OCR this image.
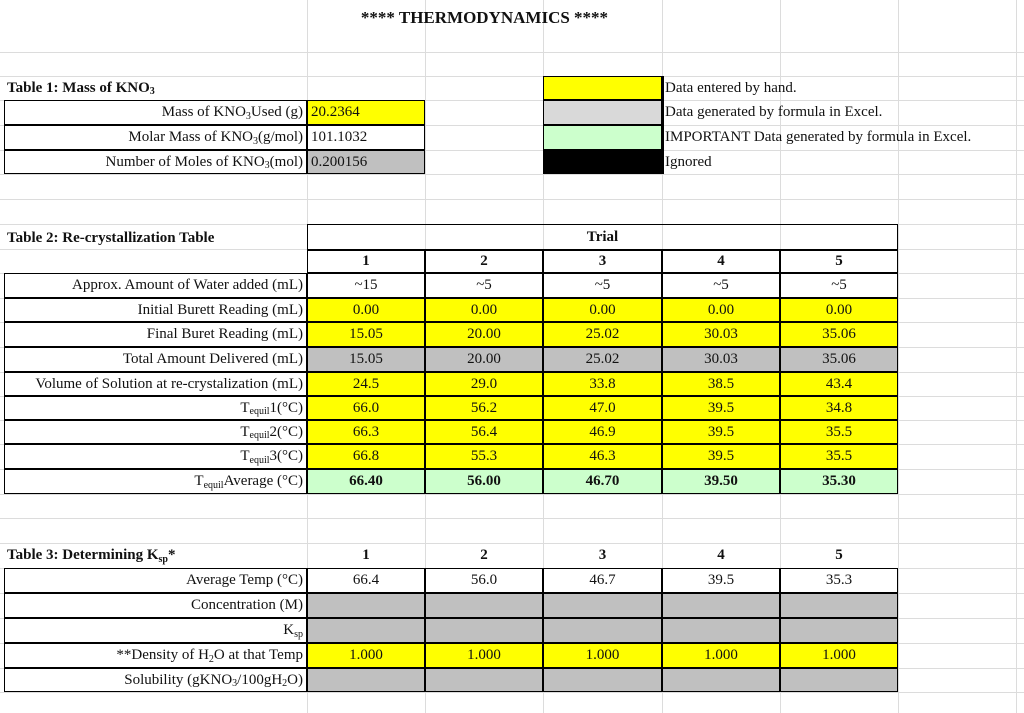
**** THERMODYNAMICS ****
Table 1: Mass of KNO 3
Mass of KNO 3 Used (g) 20.2364
Molar Mass of KNO 3 (g/mol) 101.1032
Number of Moles of KNO 3 (mol) 0.200156
Data entered by hand.
Data generated by formula in Excel.
IMPORTANT Data generated by formula in Excel.
Ignored
Table 2: Re-crystallization Table	Trial
1	2	3	4	5
Approx. Amount of Water added (mL)	~15	~5	~5	~5	~5
Initial Burett Reading (mL)	0.00	0.00	0.00	0.00	0.00
Final Buret Reading (mL)	15.05	20.00	25.02	30.03	35.06
Total Amount Delivered (mL)	15.05	20.00	25.02	30.03	35.06
Volume of Solution at re-crystalization (mL)	24.5	29.0	33.8	38.5	43.4
T equil 1(°C)	66.0	56.2	47.0	39.5	34.8
T equil 2(°C)	66.3	56.4	46.9	39.5	35.5
T equil 3(°C)	66.8	55.3	46.3	39.5	35.5
T equil Average (°C)	66.40	56.00	46.70	39.50	35.30
Table 3: Determining K sp *	1	2	3	4	5
Average Temp (°C)	66.4	56.0	46.7	39.5	35.3
Concentration (M)
K sp
**Density of H 2 O at that Temp	1.000	1.000	1.000	1.000	1.000
Solubility (gKNO 3 /100gH 2 O)
